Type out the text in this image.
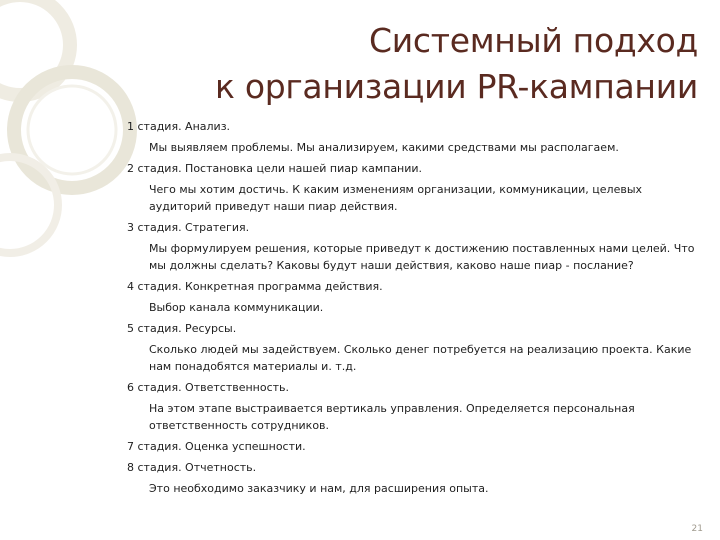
Системный подход
к организации PR-кампании

1 стадия. Анализ.

Мы выявляем проблемы. Мы анализируем, какими средствами мы располагаем.

2 стадия. Постановка цели нашей пиар кампании.

Чего мы хотим достичь. К каким изменениям организации, коммуникации, целевых аудиторий приведут наши пиар действия.

3 стадия. Стратегия.

Мы формулируем решения, которые приведут к достижению поставленных нами целей. Что мы должны сделать? Каковы будут наши действия, каково наше пиар - послание?

4 стадия. Конкретная программа действия.

Выбор канала коммуникации.

5 стадия. Ресурсы.

Сколько людей мы задействуем. Сколько денег потребуется на реализацию проекта. Какие нам понадобятся материалы и. т.д.

6 стадия. Ответственность.

На этом этапе выстраивается вертикаль управления. Определяется персональная ответственность сотрудников.

7 стадия. Оценка успешности.

8 стадия. Отчетность.

Это необходимо заказчику и нам, для расширения опыта.

21
